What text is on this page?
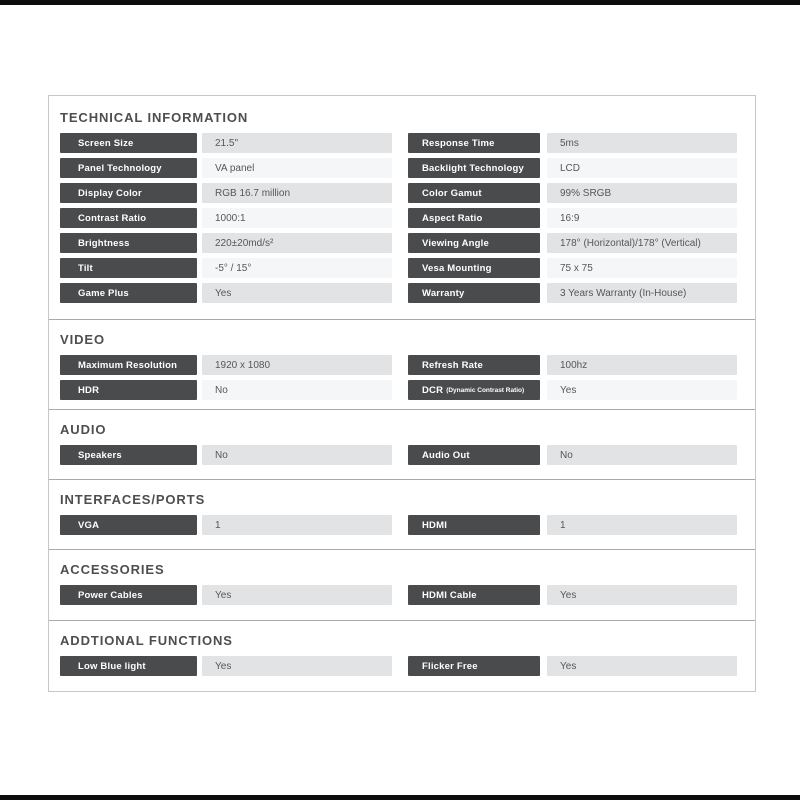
TECHNICAL INFORMATION
Screen Size	21.5"	Response Time	5ms
Panel Technology	VA panel	Backlight Technology	LCD
Display Color	RGB 16.7 million	Color Gamut	99% SRGB
Contrast Ratio	1000:1	Aspect Ratio	16:9
Brightness	220±20md/s²	Viewing Angle	178° (Horizontal)/178° (Vertical)
Tilt	-5° / 15°	Vesa Mounting	75 x 75
Game Plus	Yes	Warranty	3 Years Warranty (In-House)
VIDEO
Maximum Resolution	1920 x 1080	Refresh Rate	100hz
HDR	No	DCR (Dynamic Contrast Ratio)	Yes
AUDIO
Speakers	No	Audio Out	No
INTERFACES/PORTS
VGA	1	HDMI	1
ACCESSORIES
Power Cables	Yes	HDMI Cable	Yes
ADDTIONAL FUNCTIONS
Low Blue light	Yes	Flicker Free	Yes
